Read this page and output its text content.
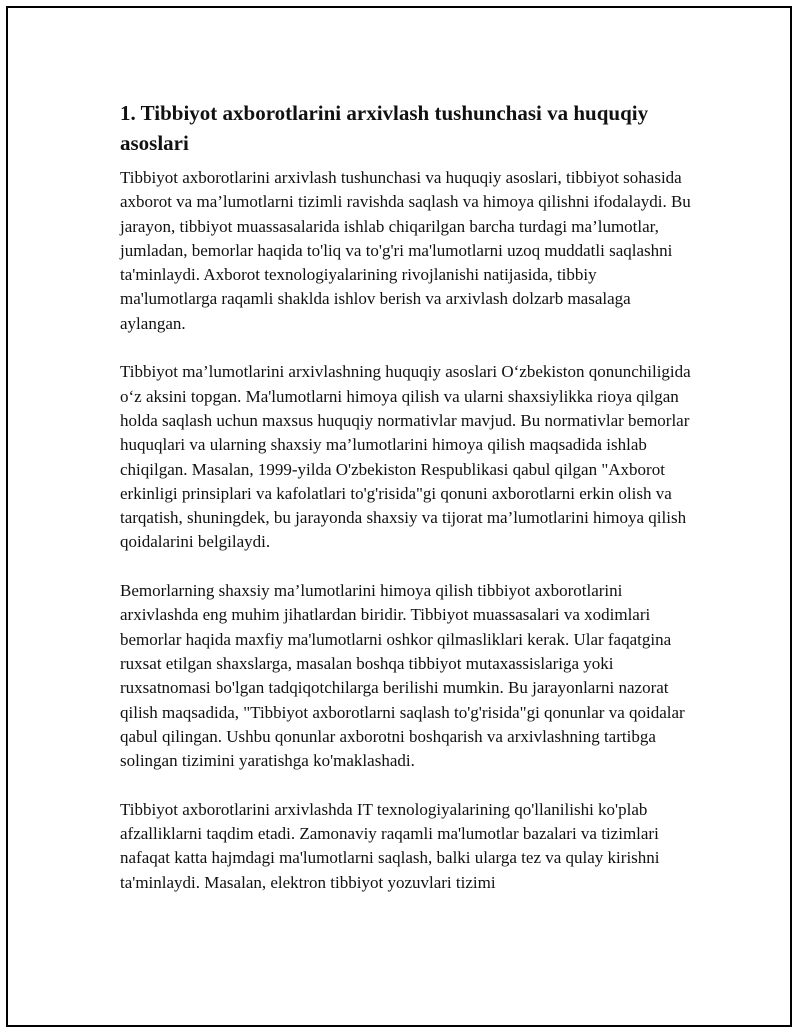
1. Tibbiyot axborotlarini arxivlash tushunchasi va huquqiy asoslari

Tibbiyot axborotlarini arxivlash tushunchasi va huquqiy asoslari, tibbiyot sohasida axborot va ma’lumotlarni tizimli ravishda saqlash va himoya qilishni ifodalaydi. Bu jarayon, tibbiyot muassasalarida ishlab chiqarilgan barcha turdagi ma’lumotlar, jumladan, bemorlar haqida to'liq va to'g'ri ma'lumotlarni uzoq muddatli saqlashni ta'minlaydi. Axborot texnologiyalarining rivojlanishi natijasida, tibbiy ma'lumotlarga raqamli shaklda ishlov berish va arxivlash dolzarb masalaga aylangan.

Tibbiyot ma’lumotlarini arxivlashning huquqiy asoslari O‘zbekiston qonunchiligida o‘z aksini topgan. Ma'lumotlarni himoya qilish va ularni shaxsiylikka rioya qilgan holda saqlash uchun maxsus huquqiy normativlar mavjud. Bu normativlar bemorlar huquqlari va ularning shaxsiy ma’lumotlarini himoya qilish maqsadida ishlab chiqilgan. Masalan, 1999-yilda O'zbekiston Respublikasi qabul qilgan "Axborot erkinligi prinsiplari va kafolatlari to'g'risida"gi qonuni axborotlarni erkin olish va tarqatish, shuningdek, bu jarayonda shaxsiy va tijorat ma’lumotlarini himoya qilish qoidalarini belgilaydi.

Bemorlarning shaxsiy ma’lumotlarini himoya qilish tibbiyot axborotlarini arxivlashda eng muhim jihatlardan biridir. Tibbiyot muassasalari va xodimlari bemorlar haqida maxfiy ma'lumotlarni oshkor qilmasliklari kerak. Ular faqatgina ruxsat etilgan shaxslarga, masalan boshqa tibbiyot mutaxassislariga yoki ruxsatnomasi bo'lgan tadqiqotchilarga berilishi mumkin. Bu jarayonlarni nazorat qilish maqsadida, "Tibbiyot axborotlarni saqlash to'g'risida"gi qonunlar va qoidalar qabul qilingan. Ushbu qonunlar axborotni boshqarish va arxivlashning tartibga solingan tizimini yaratishga ko'maklashadi.

Tibbiyot axborotlarini arxivlashda IT texnologiyalarining qo'llanilishi ko'plab afzalliklarni taqdim etadi. Zamonaviy raqamli ma'lumotlar bazalari va tizimlari nafaqat katta hajmdagi ma'lumotlarni saqlash, balki ularga tez va qulay kirishni ta'minlaydi. Masalan, elektron tibbiyot yozuvlari tizimi
